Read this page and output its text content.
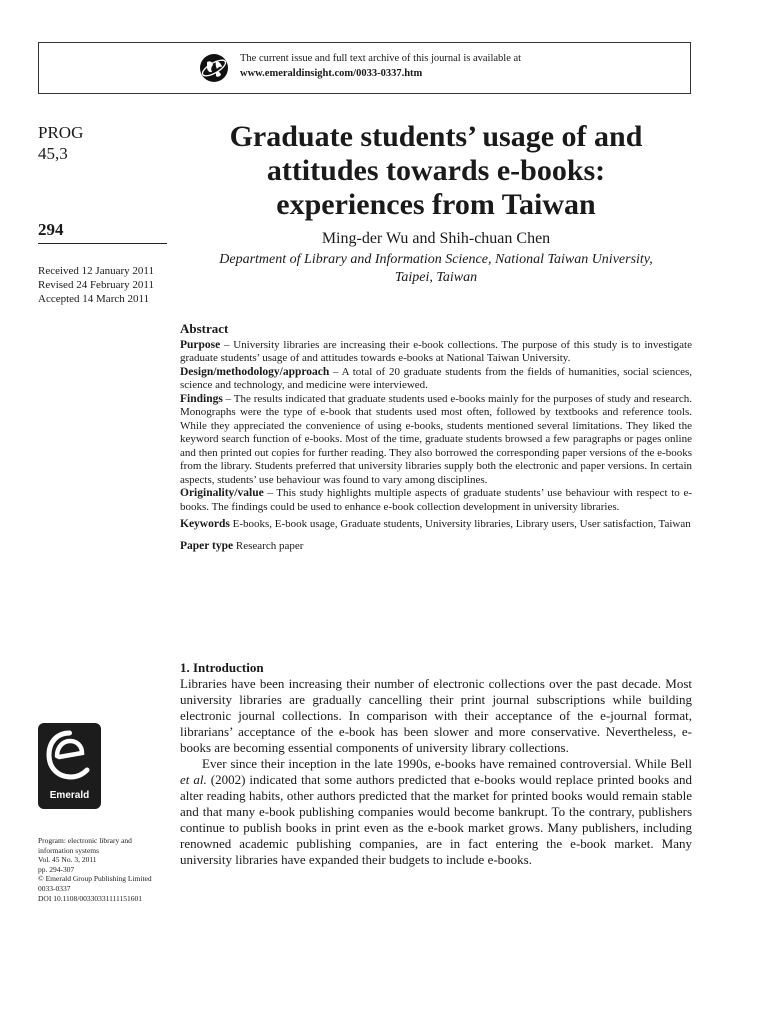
The current issue and full text archive of this journal is available at
www.emeraldinsight.com/0033-0337.htm
PROG
45,3
294
Received 12 January 2011
Revised 24 February 2011
Accepted 14 March 2011
Graduate students’ usage of and
attitudes towards e-books:
experiences from Taiwan
Ming-der Wu and Shih-chuan Chen
Department of Library and Information Science, National Taiwan University,
Taipei, Taiwan
Abstract

Purpose – University libraries are increasing their e-book collections. The purpose of this study is to investigate graduate students’ usage of and attitudes towards e-books at National Taiwan University.

Design/methodology/approach – A total of 20 graduate students from the fields of humanities, social sciences, science and technology, and medicine were interviewed.

Findings – The results indicated that graduate students used e-books mainly for the purposes of study and research. Monographs were the type of e-book that students used most often, followed by textbooks and reference tools. While they appreciated the convenience of using e-books, students mentioned several limitations. They liked the keyword search function of e-books. Most of the time, graduate students browsed a few paragraphs or pages online and then printed out copies for further reading. They also borrowed the corresponding paper versions of the e-books from the library. Students preferred that university libraries supply both the electronic and paper versions. In certain aspects, students’ use behaviour was found to vary among disciplines.

Originality/value – This study highlights multiple aspects of graduate students’ use behaviour with respect to e-books. The findings could be used to enhance e-book collection development in university libraries.

Keywords E-books, E-book usage, Graduate students, University libraries, Library users, User satisfaction, Taiwan

Paper type Research paper

1. Introduction

Libraries have been increasing their number of electronic collections over the past decade. Most university libraries are gradually cancelling their print journal subscriptions while building electronic journal collections. In comparison with their acceptance of the e-journal format, librarians’ acceptance of the e-book has been slower and more conservative. Nevertheless, e-books are becoming essential components of university library collections.

Ever since their inception in the late 1990s, e-books have remained controversial. While Bell et al. (2002) indicated that some authors predicted that e-books would replace printed books and alter reading habits, other authors predicted that the market for printed books would remain stable and that many e-book publishing companies would become bankrupt. To the contrary, publishers continue to publish books in print even as the e-book market grows. Many publishers, including renowned academic publishing companies, are in fact entering the e-book market. Many university libraries have expanded their budgets to include e-books.

Emerald
Program: electronic library and
information systems
Vol. 45 No. 3, 2011
pp. 294-307
© Emerald Group Publishing Limited
0033-0337
DOI 10.1108/00330331111151601
